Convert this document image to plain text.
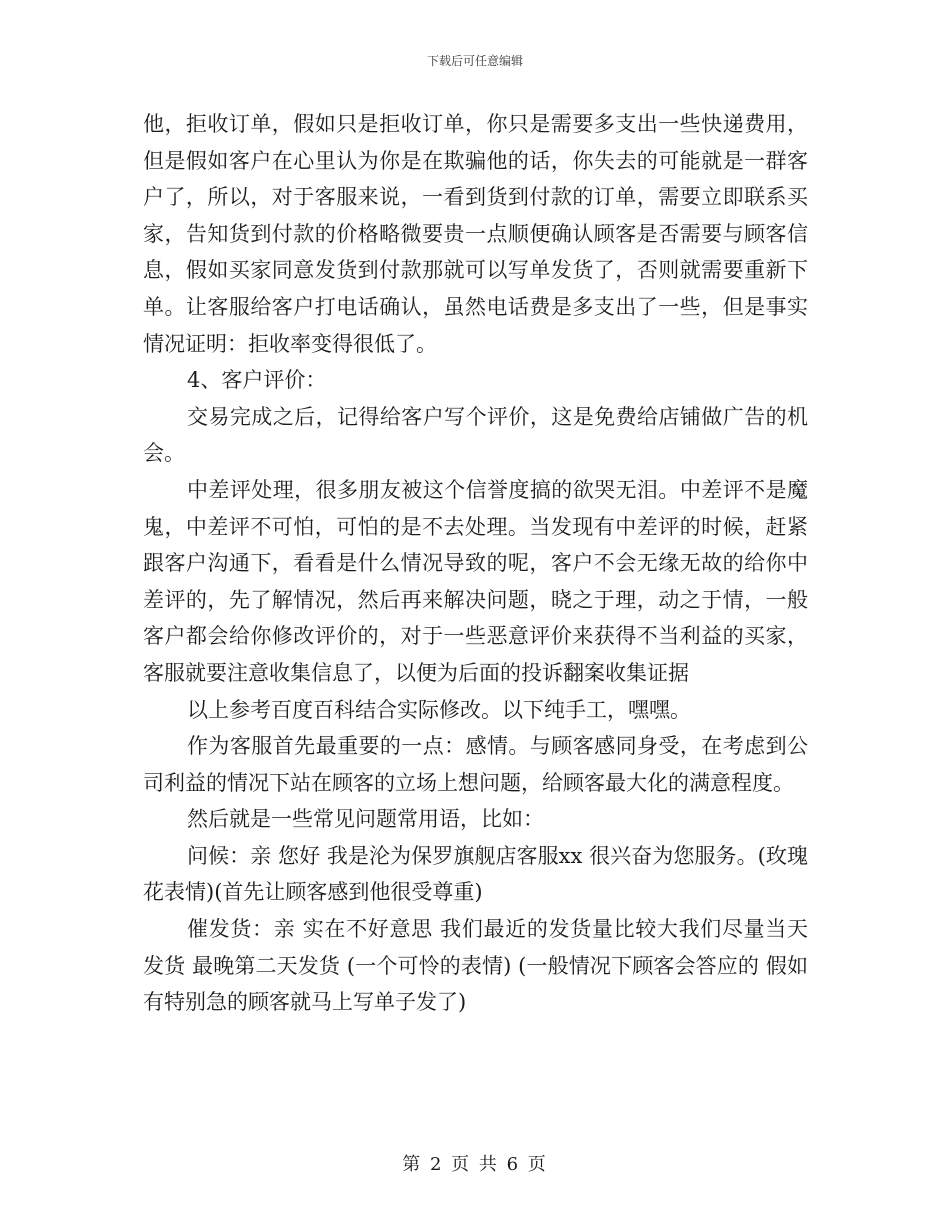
下载后可任意编辑

他，拒收订单，假如只是拒收订单，你只是需要多支出一些快递费用，但是假如客户在心里认为你是在欺骗他的话，你失去的可能就是一群客户了，所以，对于客服来说，一看到货到付款的订单，需要立即联系买家，告知货到付款的价格略微要贵一点顺便确认顾客是否需要与顾客信息，假如买家同意发货到付款那就可以写单发货了，否则就需要重新下单。让客服给客户打电话确认，虽然电话费是多支出了一些，但是事实情况证明：拒收率变得很低了。

4、客户评价：

交易完成之后，记得给客户写个评价，这是免费给店铺做广告的机会。

中差评处理，很多朋友被这个信誉度搞的欲哭无泪。中差评不是魔鬼，中差评不可怕，可怕的是不去处理。当发现有中差评的时候，赶紧跟客户沟通下，看看是什么情况导致的呢，客户不会无缘无故的给你中差评的，先了解情况，然后再来解决问题，晓之于理，动之于情，一般客户都会给你修改评价的，对于一些恶意评价来获得不当利益的买家，客服就要注意收集信息了，以便为后面的投诉翻案收集证据

以上参考百度百科结合实际修改。以下纯手工，嘿嘿。

作为客服首先最重要的一点：感情。与顾客感同身受，在考虑到公司利益的情况下站在顾客的立场上想问题，给顾客最大化的满意程度。

然后就是一些常见问题常用语，比如：

问候：亲 您好 我是沦为保罗旗舰店客服xx 很兴奋为您服务。(玫瑰花表情)(首先让顾客感到他很受尊重)

催发货：亲 实在不好意思 我们最近的发货量比较大我们尽量当天发货 最晚第二天发货 (一个可怜的表情) (一般情况下顾客会答应的 假如有特别急的顾客就马上写单子发了)

第 2 页 共 6 页
